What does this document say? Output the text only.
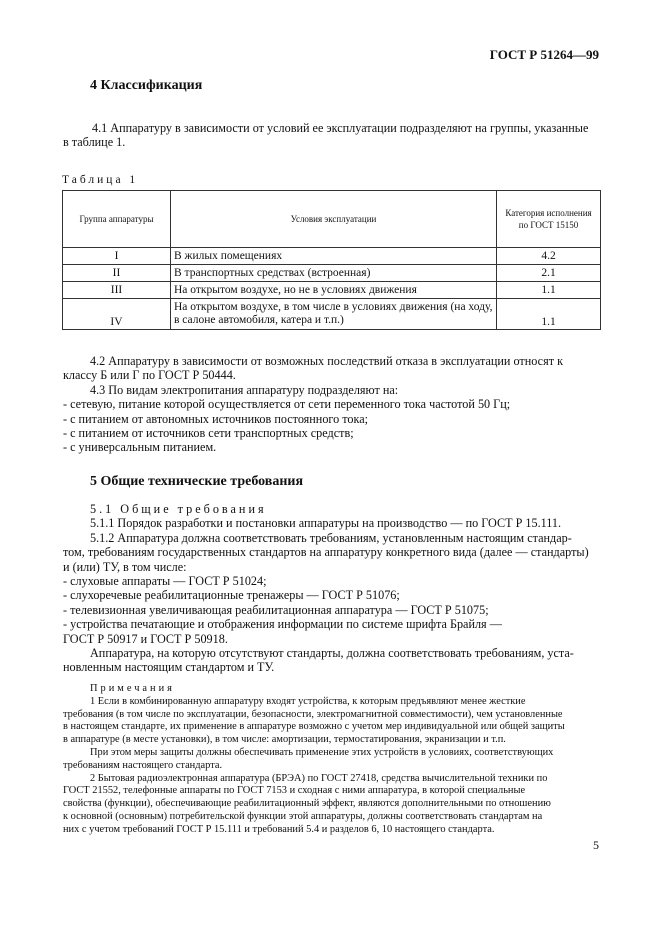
ГОСТ Р 51264—99
4 Классификация

4.1 Аппаратуру в зависимости от условий ее эксплуатации подразделяют на группы, указанные
в таблице 1.

Таблица 1
Группа аппаратуры	Условия эксплуатации	Категория исполнения по ГОСТ 15150
I	В жилых помещениях	4.2
II	В транспортных средствах (встроенная)	2.1
III	На открытом воздухе, но не в условиях движения	1.1
IV	На открытом воздухе, в том числе в условиях движения (на ходу,
в салоне автомобиля, катера и т.п.)	1.1

4.2 Аппаратуру в зависимости от возможных последствий отказа в эксплуатации относят к
классу Б или Г по ГОСТ Р 50444.
4.3 По видам электропитания аппаратуру подразделяют на:
- сетевую, питание которой осуществляется от сети переменного тока частотой 50 Гц;
- с питанием от автономных источников постоянного тока;
- с питанием от источников сети транспортных средств;
- с универсальным питанием.

5 Общие технические требования

5.1 Общие требования
5.1.1 Порядок разработки и постановки аппаратуры на производство — по ГОСТ Р 15.111.
5.1.2 Аппаратура должна соответствовать требованиям, установленным настоящим стандар-
том, требованиям государственных стандартов на аппаратуру конкретного вида (далее — стандарты)
и (или) ТУ, в том числе:
- слуховые аппараты — ГОСТ Р 51024;
- слухоречевые реабилитационные тренажеры — ГОСТ Р 51076;
- телевизионная увеличивающая реабилитационная аппаратура — ГОСТ Р 51075;
- устройства печатающие и отображения информации по системе шрифта Брайля —
ГОСТ Р 50917 и ГОСТ Р 50918.
Аппаратура, на которую отсутствуют стандарты, должна соответствовать требованиям, уста-
новленным настоящим стандартом и ТУ.

Примечания
1 Если в комбинированную аппаратуру входят устройства, к которым предъявляют менее жесткие
требования (в том числе по эксплуатации, безопасности, электромагнитной совместимости), чем установленные
в настоящем стандарте, их применение в аппаратуре возможно с учетом мер индивидуальной или общей защиты
в аппаратуре (в месте установки), в том числе: амортизации, термостатирования, экранизации и т.п.
При этом меры защиты должны обеспечивать применение этих устройств в условиях, соответствующих
требованиям настоящего стандарта.
2 Бытовая радиоэлектронная аппаратура (БРЭА) по ГОСТ 27418, средства вычислительной техники по
ГОСТ 21552, телефонные аппараты по ГОСТ 7153 и сходная с ними аппаратура, в которой специальные
свойства (функции), обеспечивающие реабилитационный эффект, являются дополнительными по отношению
к основной (основным) потребительской функции этой аппаратуры, должны соответствовать стандартам на
них с учетом требований ГОСТ Р 15.111 и требований 5.4 и разделов 6, 10 настоящего стандарта.
5
